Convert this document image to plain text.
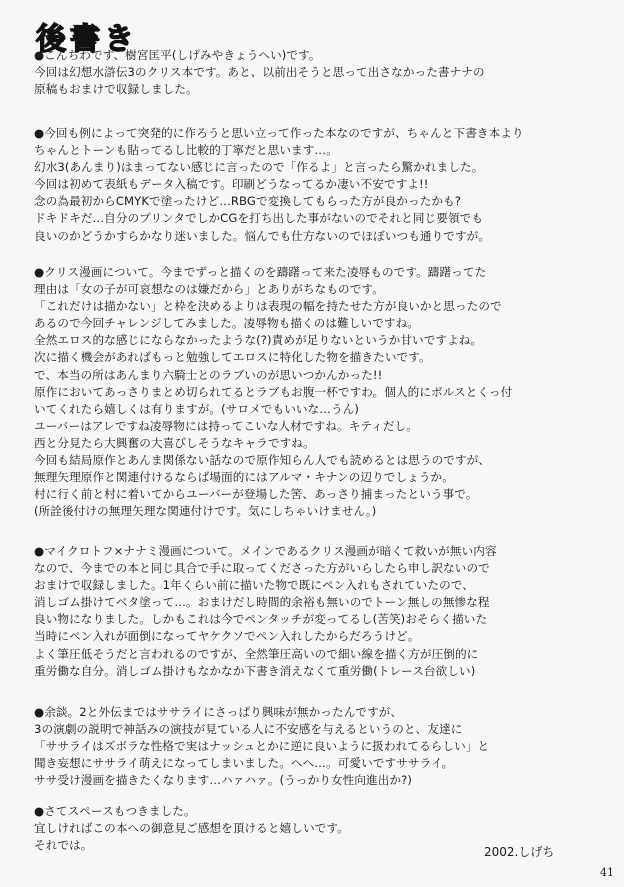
後書き
●こんちわです、樹宮匡平(しげみやきょうへい)です。
今回は幻想水滸伝3のクリス本です。あと、以前出そうと思って出さなかった書ナナの
原稿もおまけで収録しました。
●今回も例によって突発的に作ろうと思い立って作った本なのですが、ちゃんと下書き本より
ちゃんとトーンも貼ってるし比較的丁寧だと思います…。
幻水3(あんまり)はまってない感じに言ったので「作るよ」と言ったら驚かれました。
今回は初めて表紙もデータ入稿です。印刷どうなってるか凄い不安ですよ!!
念の為最初からCMYKで塗ったけど…RBGで変換してもらった方が良かったかも?
ドキドキだ…自分のプリンタでしかCGを打ち出した事がないのでそれと同じ要領でも
良いのかどうかすらかなり迷いました。悩んでも仕方ないのでほぼいつも通りですが。
●クリス漫画について。今までずっと描くのを躊躇って来た凌辱ものです。躊躇ってた
理由は「女の子が可哀想なのは嫌だから」とありがちなものです。
「これだけは描かない」と枠を決めるよりは表現の幅を持たせた方が良いかと思ったので
あるので今回チャレンジしてみました。凌辱物も描くのは難しいですね。
全然エロス的な感じにならなかったような(?)責めが足りないというか甘いですよね。
次に描く機会があればもっと勉強してエロスに特化した物を描きたいです。
で、本当の所はあんまり六騎士とのラブいのが思いつかんかった!!
原作においてあっさりまとめ切られてるとラブもお腹一杯ですわ。個人的にボルスとくっ付
いてくれたら嬉しくは有りますが。(サロメでもいいな…うん)
ユーバーはアレですね凌辱物には持ってこいな人材ですね。キティだし。
西と分見たら大興奮の大喜びしそうなキャラですね。
今回も結局原作とあんま関係ない話なので原作知らん人でも読めるとは思うのですが、
無理矢理原作と関連付けるならば場面的にはアルマ・キナンの辺りでしょうか。
村に行く前と村に着いてからユーバーが登場した筈、あっさり捕まったという事で。
(所詮後付けの無理矢理な関連付けです。気にしちゃいけません。)
●マイクロトフ×ナナミ漫画について。メインであるクリス漫画が暗くて救いが無い内容
なので、今までの本と同じ具合で手に取ってくださった方がいらしたら申し訳ないので
おまけで収録しました。1年くらい前に描いた物で既にペン入れもされていたので、
消しゴム掛けてベタ塗って…。おまけだし時間的余裕も無いのでトーン無しの無惨な程
良い物になりました。しかもこれは今でペンタッチが変ってるし(苦笑)おそらく描いた
当時にペン入れが面倒になってヤケクソでペン入れしたからだろうけど。
よく筆圧低そうだと言われるのですが、全然筆圧高いので細い線を描く方が圧倒的に
重労働な自分。消しゴム掛けもなかなか下書き消えなくて重労働(トレース台欲しい)
●余談。2と外伝まではササライにさっぱり興味が無かったんですが、
3の演劇の説明で神話みの演技が見ている人に不安感を与えるというのと、友達に
「ササライはズボラな性格で実はナッシュとかに逆に良いように扱われてるらしい」と
聞き妄想にササライ萌えになってしまいました。へへ…。可愛いですササライ。
ササ受け漫画を描きたくなります…ハァハァ。(うっかり女性向進出か?)
●さてスペースもつきました。
宜しければこの本への御意見ご感想を頂けると嬉しいです。
それでは。	2002.しげち
41
